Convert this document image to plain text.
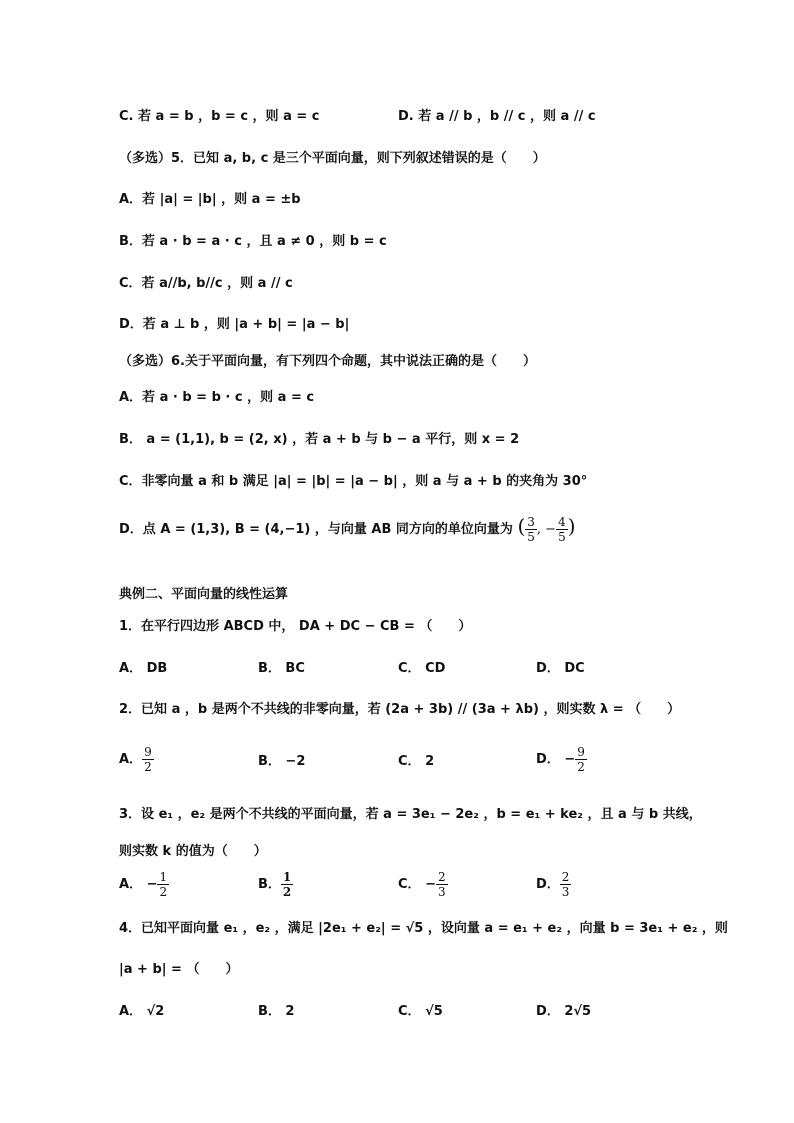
C. 若 a = b ，b = c ，则 a = c	D. 若 a // b ，b // c ，则 a // c
（多选）5．已知 a, b, c 是三个平面向量，则下列叙述错误的是（　　）
A．若 |a| = |b| ，则 a = ±b
B．若 a · b = a · c ，且 a ≠ 0 ，则 b = c
C．若 a//b, b//c ，则 a // c
D．若 a ⊥ b ，则 |a + b| = |a − b|
（多选）6.关于平面向量，有下列四个命题，其中说法正确的是（　　）
A．若 a · b = b · c ，则 a = c
B． a = (1,1), b = (2, x) ，若 a + b 与 b − a 平行，则 x = 2
C．非零向量 a 和 b 满足 |a| = |b| = |a − b| ，则 a 与 a + b 的夹角为 30°
D．点 A = (1,3), B = (4,−1) ，与向量 AB 同方向的单位向量为 ( $\frac{3}{5}$ , − $\frac{4}{5}$ )
典例二、平面向量的线性运算
1．在平行四边形 ABCD 中， DA + DC − CB = （　　）
A． DB	B． BC	C． CD	D． DC
2．已知 a ，b 是两个不共线的非零向量，若 (2a + 3b) // (3a + λb) ，则实数 λ = （　　）
A． $\frac{9}{2}$	B． −2	C． 2	D． − $\frac{9}{2}$
3．设 e₁ ，e₂ 是两个不共线的平面向量，若 a = 3e₁ − 2e₂ ，b = e₁ + ke₂ ，且 a 与 b 共线，
则实数 k 的值为（　　）
A． − $\frac{1}{2}$	B． $\frac{1}{2}$	C． − $\frac{2}{3}$	D． $\frac{2}{3}$
4．已知平面向量 e₁ ，e₂ ，满足 |2e₁ + e₂| = √5 ，设向量 a = e₁ + e₂ ，向量 b = 3e₁ + e₂ ，则
|a + b| = （　　）
A． √2	B． 2	C． √5	D． 2√5
